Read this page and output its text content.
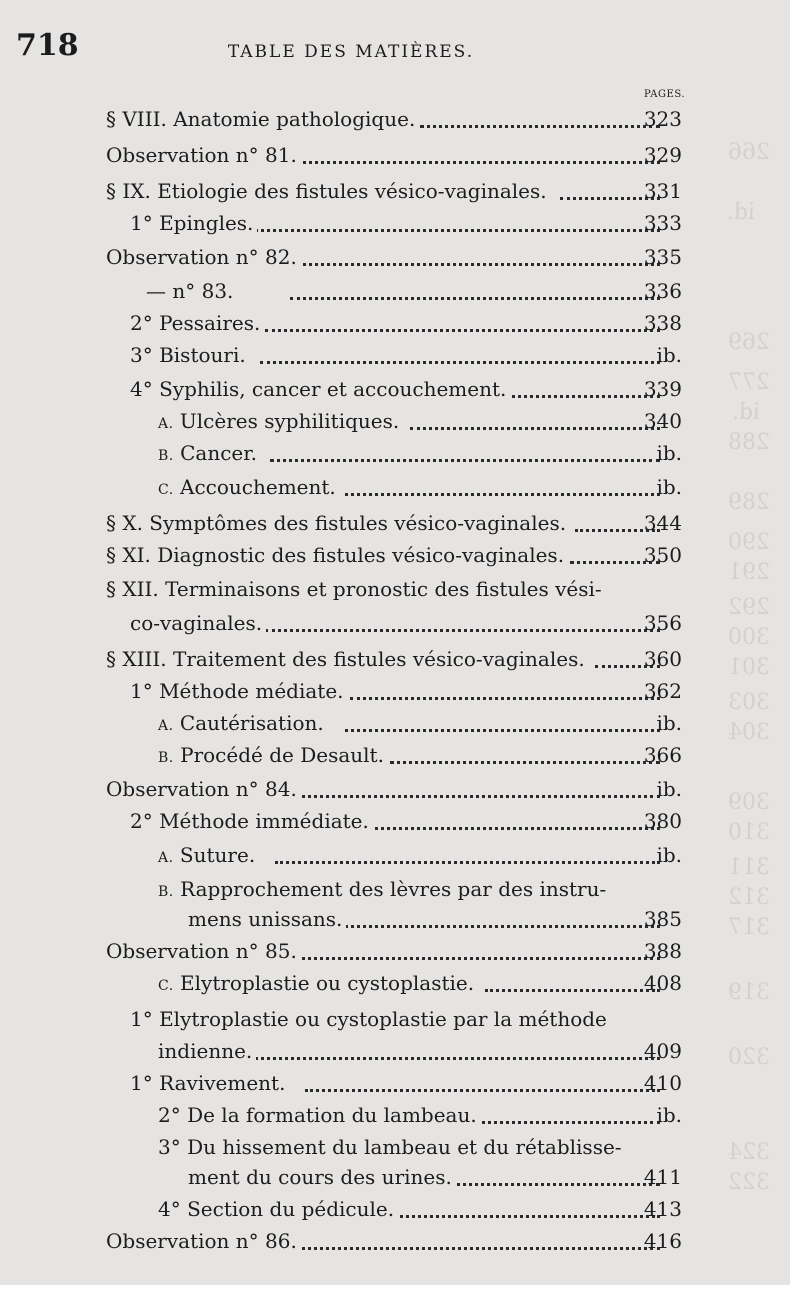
266
id.
269
277
id.
288
289
290
291
292
300
301
303
304
309
310
311
312
317
319
320
324
322
718	TABLE DES MATIÈRES.
PAGES.
§ VIII. Anatomie pathologique.	323
Observation n° 81.	329
§ IX. Etiologie des fistules vésico-vaginales.	331
1° Epingles.	333
Observation n° 82.	335
— n° 83.	336
2° Pessaires.	338
3° Bistouri.	ib.
4° Syphilis, cancer et accouchement.	339
A. Ulcères syphilitiques.	340
B. Cancer.	ib.
C. Accouchement.	ib.
§ X. Symptômes des fistules vésico-vaginales.	344
§ XI. Diagnostic des fistules vésico-vaginales.	350
§ XII. Terminaisons et pronostic des fistules vési-
co-vaginales.	356
§ XIII. Traitement des fistules vésico-vaginales.	360
1° Méthode médiate.	362
A. Cautérisation.	ib.
B. Procédé de Desault.	366
Observation n° 84.	ib.
2° Méthode immédiate.	380
A. Suture.	ib.
B. Rapprochement des lèvres par des instru-
mens unissans.	385
Observation n° 85.	388
C. Elytroplastie ou cystoplastie.	408
1° Elytroplastie ou cystoplastie par la méthode
indienne.	409
1° Ravivement.	410
2° De la formation du lambeau.	ib.
3° Du hissement du lambeau et du rétablisse-
ment du cours des urines.	411
4° Section du pédicule.	413
Observation n° 86.	416
